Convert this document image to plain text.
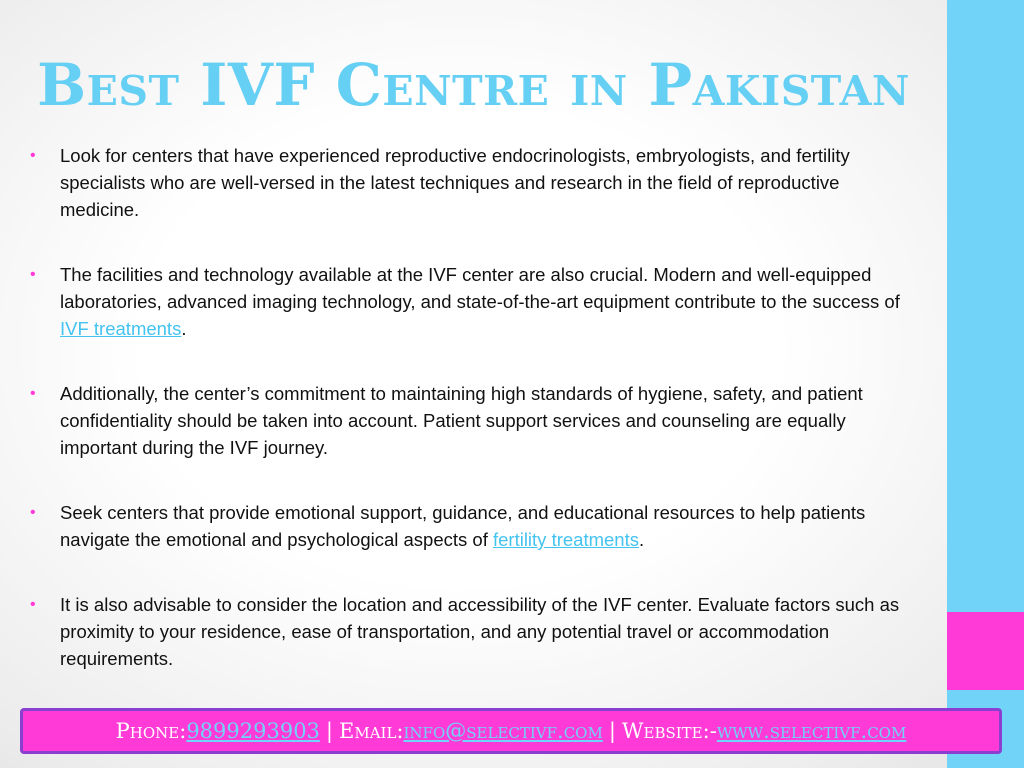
Best IVF Centre in Pakistan
• Look for centers that have experienced reproductive endocrinologists, embryologists, and fertility specialists who are well-versed in the latest techniques and research in the field of reproductive medicine.
• The facilities and technology available at the IVF center are also crucial. Modern and well-equipped laboratories, advanced imaging technology, and state-of-the-art equipment contribute to the success of IVF treatments.
• Additionally, the center’s commitment to maintaining high standards of hygiene, safety, and patient confidentiality should be taken into account. Patient support services and counseling are equally important during the IVF journey.
• Seek centers that provide emotional support, guidance, and educational resources to help patients navigate the emotional and psychological aspects of fertility treatments.
• It is also advisable to consider the location and accessibility of the IVF center. Evaluate factors such as proximity to your residence, ease of transportation, and any potential travel or accommodation requirements.
Phone: 9899293903 | Email: info@selectivf.com | Website:- www.selectivf.com
